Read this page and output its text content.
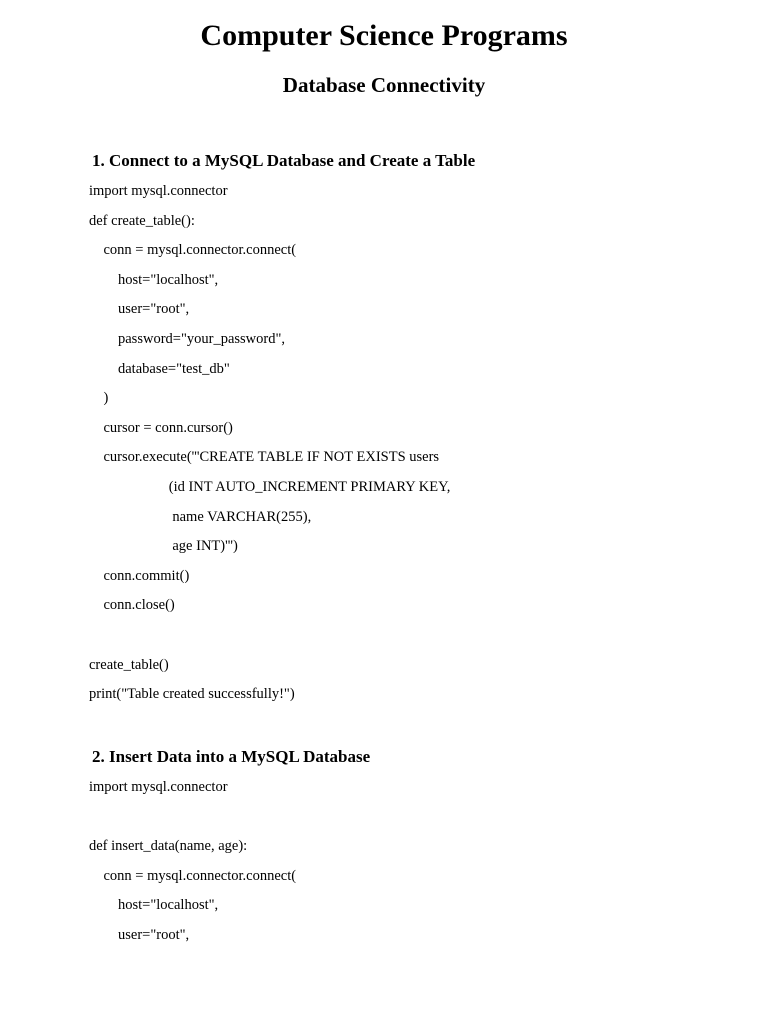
Computer Science Programs
Database Connectivity
1. Connect to a MySQL Database and Create a Table
import mysql.connector
def create_table():
conn = mysql.connector.connect(
host="localhost",
user="root",
password="your_password",
database="test_db"
)
cursor = conn.cursor()
cursor.execute('''CREATE TABLE IF NOT EXISTS users
(id INT AUTO_INCREMENT PRIMARY KEY,
name VARCHAR(255),
age INT)''')
conn.commit()
conn.close()
create_table()
print("Table created successfully!")
2. Insert Data into a MySQL Database
import mysql.connector
def insert_data(name, age):
conn = mysql.connector.connect(
host="localhost",
user="root",
